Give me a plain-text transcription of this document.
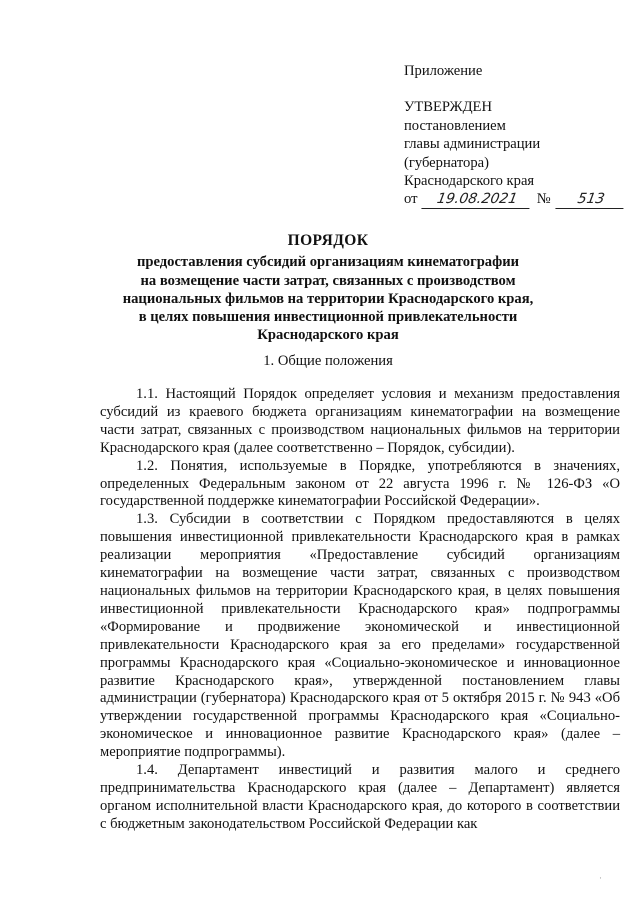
Приложение
УТВЕРЖДЕН
постановлением
главы администрации
(губернатора)
Краснодарского края
от 19.08.2021 № 513
ПОРЯДОК
предоставления субсидий организациям кинематографии
на возмещение части затрат, связанных с производством
национальных фильмов на территории Краснодарского края,
в целях повышения инвестиционной привлекательности
Краснодарского края
1. Общие положения

1.1. Настоящий Порядок определяет условия и механизм предоставления субсидий из краевого бюджета организациям кинематографии на возмещение части затрат, связанных с производством национальных фильмов на территории Краснодарского края (далее соответственно – Порядок, субсидии).

1.2. Понятия, используемые в Порядке, употребляются в значениях, определенных Федеральным законом от 22 августа 1996 г. № 126-ФЗ «О государственной поддержке кинематографии Российской Федерации».

1.3. Субсидии в соответствии с Порядком предоставляются в целях повышения инвестиционной привлекательности Краснодарского края в рамках реализации мероприятия «Предоставление субсидий организациям кинематографии на возмещение части затрат, связанных с производством национальных фильмов на территории Краснодарского края, в целях повышения инвестиционной привлекательности Краснодарского края» подпрограммы «Формирование и продвижение экономической и инвестиционной привлекательности Краснодарского края за его пределами» государственной программы Краснодарского края «Социально-экономическое и инновационное развитие Краснодарского края», утвержденной постановлением главы администрации (губернатора) Краснодарского края от 5 октября 2015 г. № 943 «Об утверждении государственной программы Краснодарского края «Социально-экономическое и инновационное развитие Краснодарского края» (далее – мероприятие подпрограммы).

1.4. Департамент инвестиций и развития малого и среднего предпринимательства Краснодарского края (далее – Департамент) является органом исполнительной власти Краснодарского края, до которого в соответствии с бюджетным законодательством Российской Федерации как

·
